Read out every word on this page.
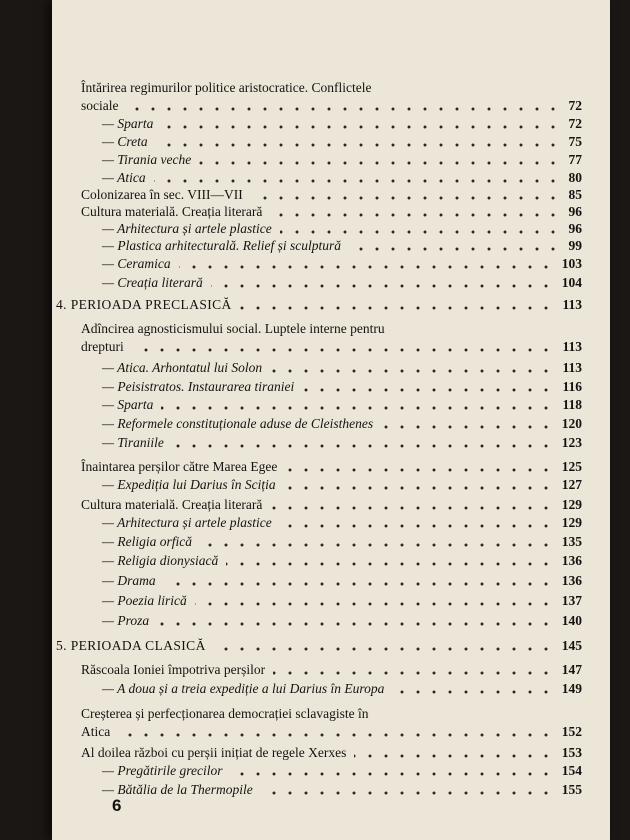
Întărirea regimurilor politice aristocratice. Conflictele
sociale	72
— Sparta	72
— Creta	75
— Tirania veche	77
— Atica	80
Colonizarea în sec. VIII—VII	85
Cultura materială. Creația literară	96
— Arhitectura și artele plastice	96
— Plastica arhitecturală. Relief și sculptură	99
— Ceramica	103
— Creația literară	104
4. PERIOADA PRECLASICĂ	113
Adîncirea agnosticismului social. Luptele interne pentru
drepturi	113
— Atica. Arhontatul lui Solon	113
— Peisistratos. Instaurarea tiraniei	116
— Sparta	118
— Reformele constituționale aduse de Cleisthenes	120
— Tiraniile	123
Înaintarea perșilor către Marea Egee	125
— Expediția lui Darius în Sciția	127
Cultura materială. Creația literară	129
— Arhitectura și artele plastice	129
— Religia orfică	135
— Religia dionysiacă	136
— Drama	136
— Poezia lirică	137
— Proza	140
5. PERIOADA CLASICĂ	145
Răscoala Ioniei împotriva perșilor	147
— A doua și a treia expediție a lui Darius în Europa	149
Creșterea și perfecționarea democrației sclavagiste în
Atica	152
Al doilea război cu perșii inițiat de regele Xerxes	153
— Pregătirile grecilor	154
— Bătălia de la Thermopile	155
6
